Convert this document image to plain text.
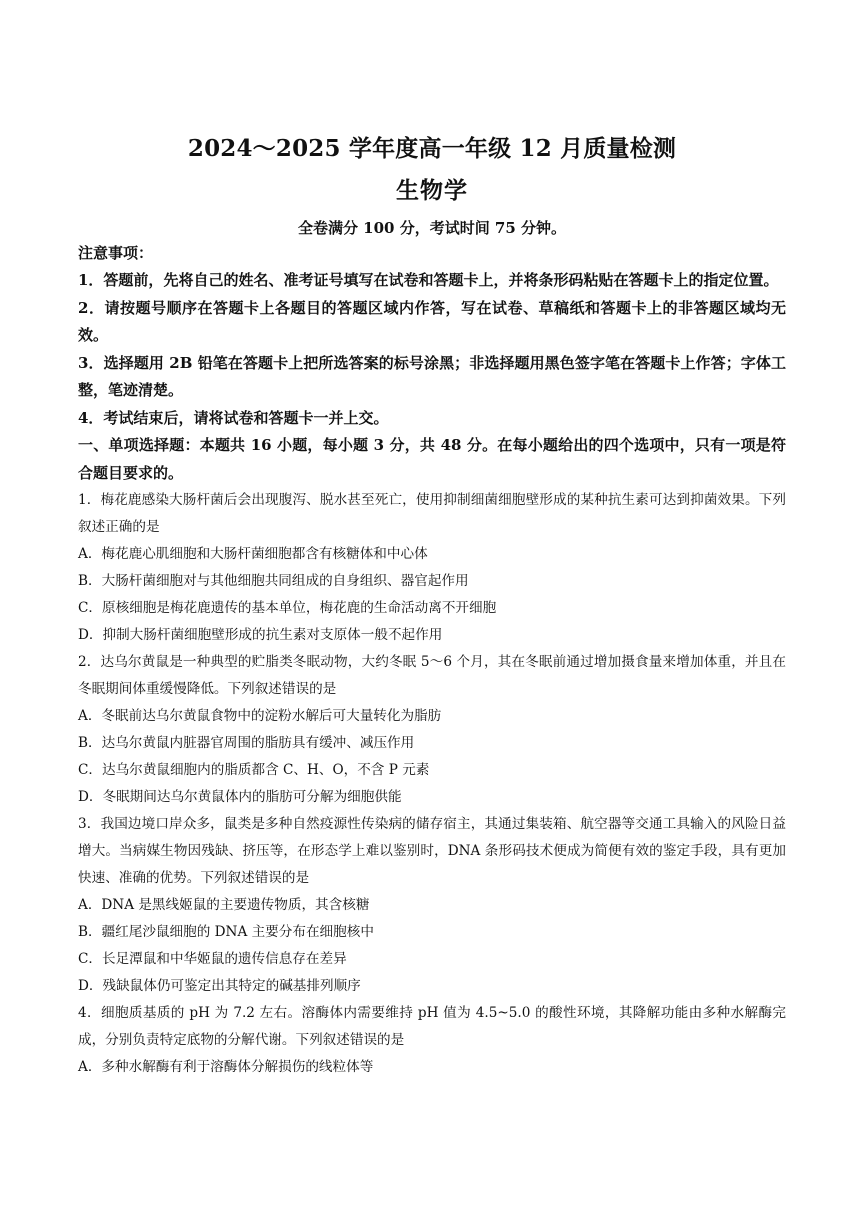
2024～2025 学年度高一年级 12 月质量检测
生物学
全卷满分 100 分，考试时间 75 分钟。
注意事项：
1．答题前，先将自己的姓名、准考证号填写在试卷和答题卡上，并将条形码粘贴在答题卡上的指定位置。
2．请按题号顺序在答题卡上各题目的答题区域内作答，写在试卷、草稿纸和答题卡上的非答题区域均无效。
3．选择题用 2B 铅笔在答题卡上把所选答案的标号涂黑；非选择题用黑色签字笔在答题卡上作答；字体工整，笔迹清楚。
4．考试结束后，请将试卷和答题卡一并上交。
一、单项选择题：本题共 16 小题，每小题 3 分，共 48 分。在每小题给出的四个选项中，只有一项是符合题目要求的。
1．梅花鹿感染大肠杆菌后会出现腹泻、脱水甚至死亡，使用抑制细菌细胞壁形成的某种抗生素可达到抑菌效果。下列叙述正确的是
A．梅花鹿心肌细胞和大肠杆菌细胞都含有核糖体和中心体
B．大肠杆菌细胞对与其他细胞共同组成的自身组织、器官起作用
C．原核细胞是梅花鹿遗传的基本单位，梅花鹿的生命活动离不开细胞
D．抑制大肠杆菌细胞壁形成的抗生素对支原体一般不起作用
2．达乌尔黄鼠是一种典型的贮脂类冬眠动物，大约冬眠 5～6 个月，其在冬眠前通过增加摄食量来增加体重，并且在冬眠期间体重缓慢降低。下列叙述错误的是
A．冬眠前达乌尔黄鼠食物中的淀粉水解后可大量转化为脂肪
B．达乌尔黄鼠内脏器官周围的脂肪具有缓冲、减压作用
C．达乌尔黄鼠细胞内的脂质都含 C、H、O，不含 P 元素
D．冬眠期间达乌尔黄鼠体内的脂肪可分解为细胞供能
3．我国边境口岸众多，鼠类是多种自然疫源性传染病的储存宿主，其通过集装箱、航空器等交通工具输入的风险日益增大。当病媒生物因残缺、挤压等，在形态学上难以鉴别时，DNA 条形码技术便成为简便有效的鉴定手段，具有更加快速、准确的优势。下列叙述错误的是
A．DNA 是黑线姬鼠的主要遗传物质，其含核糖
B．疆红尾沙鼠细胞的 DNA 主要分布在细胞核中
C．长足潭鼠和中华姬鼠的遗传信息存在差异
D．残缺鼠体仍可鉴定出其特定的碱基排列顺序
4．细胞质基质的 pH 为 7.2 左右。溶酶体内需要维持 pH 值为 4.5~5.0 的酸性环境，其降解功能由多种水解酶完成，分别负责特定底物的分解代谢。下列叙述错误的是
A．多种水解酶有利于溶酶体分解损伤的线粒体等
